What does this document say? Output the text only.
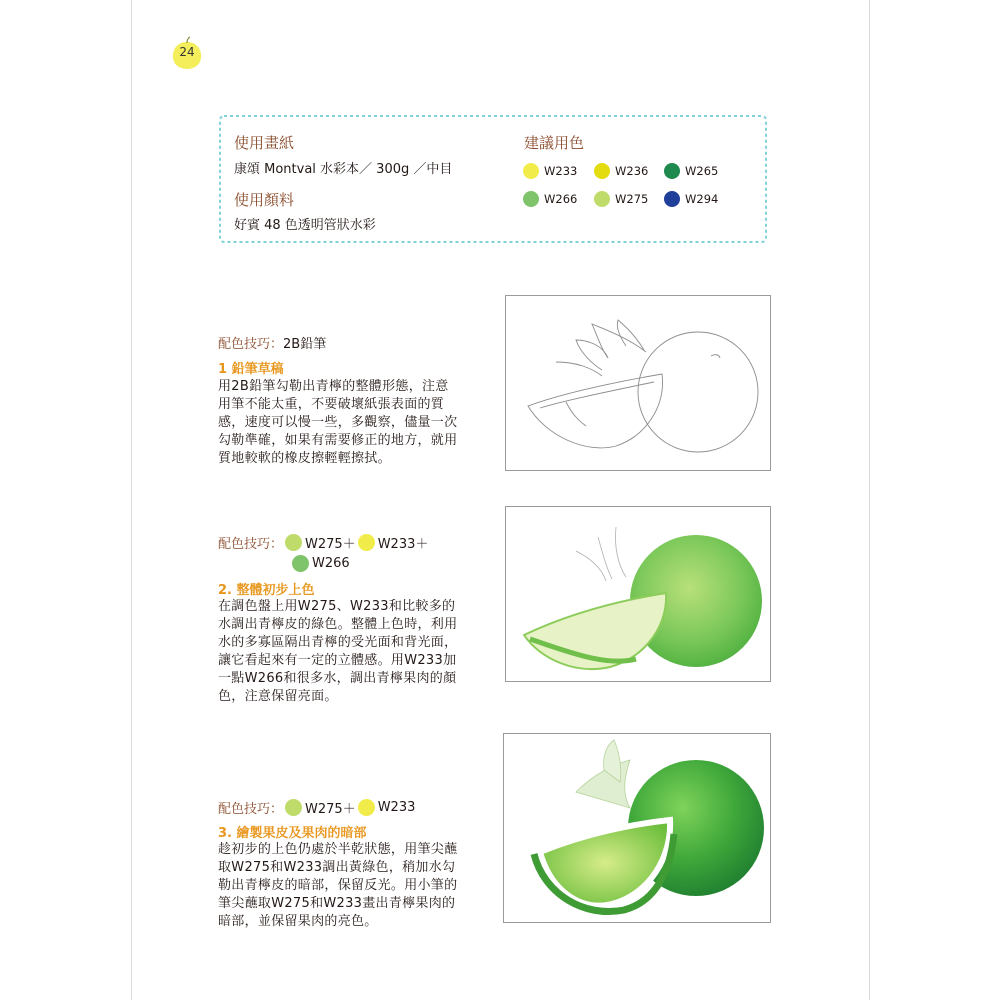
24
使用畫紙
康頌 Montval 水彩本／ 300g ／中目
使用顏料
好賓 48 色透明管狀水彩
建議用色
W233	W236	W265
W266	W275	W294
配色技巧： 2B鉛筆
1 鉛筆草稿
用2B鉛筆勾勒出青檸的整體形態，注意
用筆不能太重，不要破壞紙張表面的質
感，速度可以慢一些，多觀察，儘量一次
勾勒準確，如果有需要修正的地方，就用
質地較軟的橡皮擦輕輕擦拭。
配色技巧： W275＋ W233＋
W266
2. 整體初步上色
在調色盤上用W275、W233和比較多的
水調出青檸皮的綠色。整體上色時，利用
水的多寡區隔出青檸的受光面和背光面，
讓它看起來有一定的立體感。用W233加
一點W266和很多水，調出青檸果肉的顏
色，注意保留亮面。
配色技巧： W275＋ W233
3. 繪製果皮及果肉的暗部
趁初步的上色仍處於半乾狀態，用筆尖蘸
取W275和W233調出黃綠色，稍加水勾
勒出青檸皮的暗部，保留反光。用小筆的
筆尖蘸取W275和W233畫出青檸果肉的
暗部，並保留果肉的亮色。
